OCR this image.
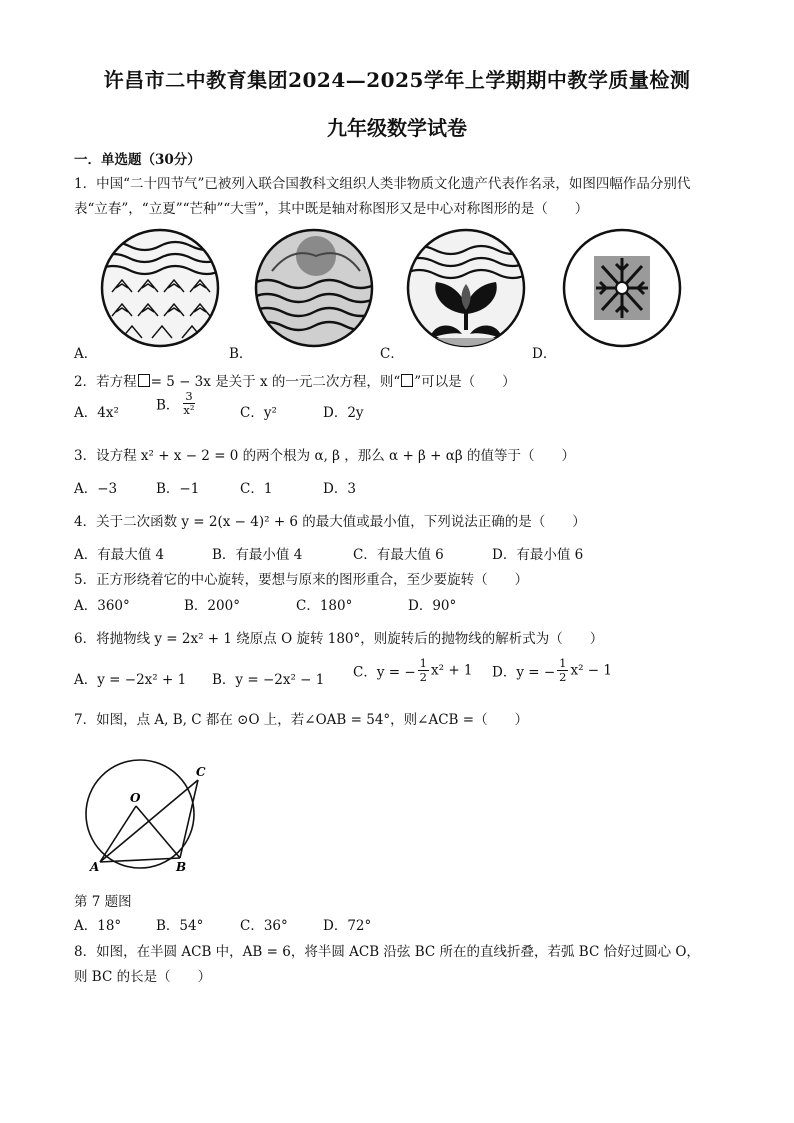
许昌市二中教育集团2024—2025学年上学期期中教学质量检测
九年级数学试卷
一．单选题（30分）
1．中国“二十四节气”已被列入联合国教科文组织人类非物质文化遗产代表作名录，如图四幅作品分别代
表“立春”，“立夏”“芒种”“大雪”，其中既是轴对称图形又是中心对称图形的是（　　）
A．	B．	C．	D．
2．若方程 = 5 − 3x 是关于 x 的一元二次方程，则“ ”可以是（　　）
A．4x²	B． $\frac{3}{\text{x²}}$	C．y²	D．2y
3．设方程 x² + x − 2 = 0 的两个根为 α, β ，那么 α + β + αβ 的值等于（　　）
A．−3	B．−1	C．1	D．3
4．关于二次函数 y = 2(x − 4)² + 6 的最大值或最小值，下列说法正确的是（　　）
A．有最大值 4	B．有最小值 4	C．有最大值 6	D．有最小值 6
5．正方形绕着它的中心旋转，要想与原来的图形重合，至少要旋转（　　）
A．360°	B．200°	C．180°	D．90°
6．将抛物线 y = 2x² + 1 绕原点 O 旋转 180°，则旋转后的抛物线的解析式为（　　）
A．y = −2x² + 1 B．y = −2x² − 1 C．y = − $\frac{1}{2} x^2 + 1$ D．y = − $\frac{1}{2} x^2 - 1$
7．如图，点 A, B, C 都在 ⊙O 上，若∠OAB = 54°，则∠ACB =（　　）
O
A	B
C
第 7 题图
A．18°	B．54°	C．36°	D．72°
8．如图，在半圆 ACB 中，AB = 6，将半圆 ACB 沿弦 BC 所在的直线折叠，若弧 BC 恰好过圆心 O，
则 BC 的长是（　　）
